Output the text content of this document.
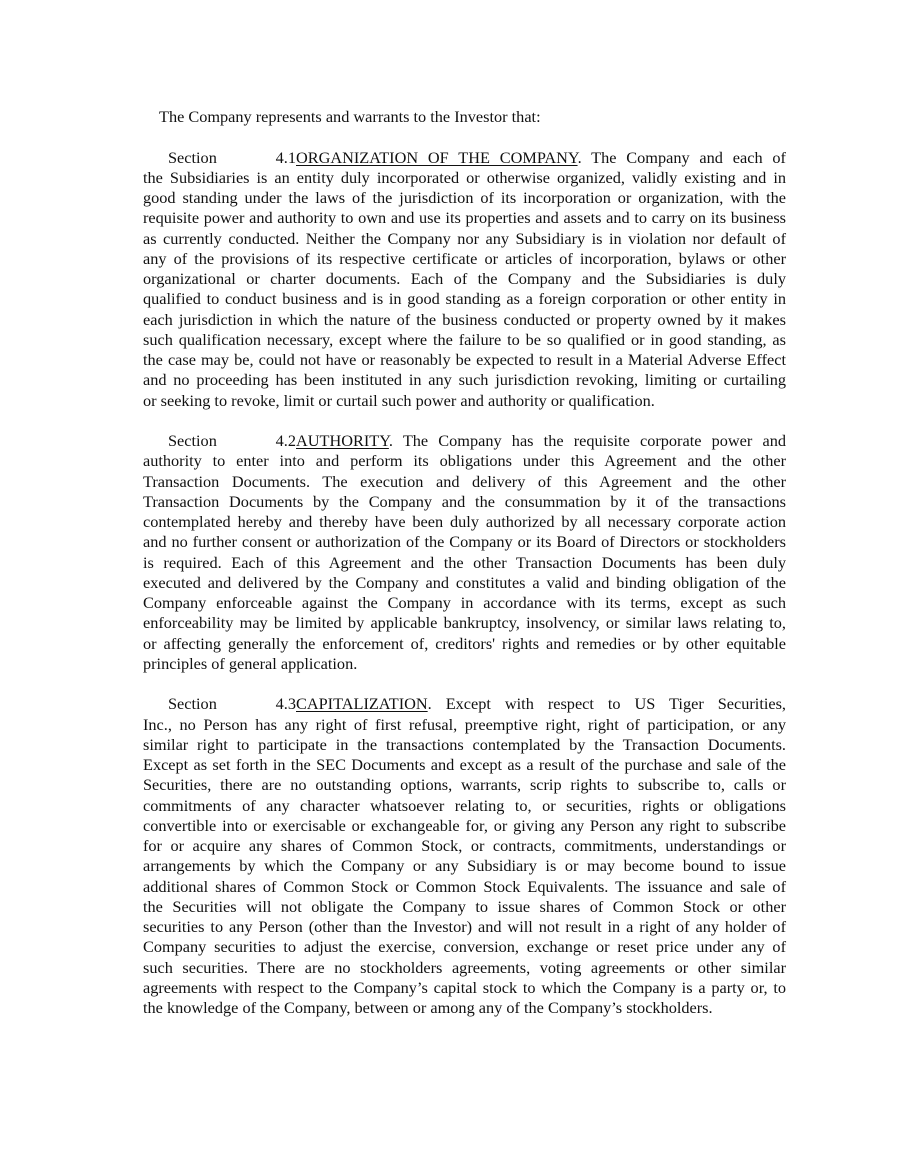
The Company represents and warrants to the Investor that:
Section 4.1ORGANIZATION OF THE COMPANY. The Company and each of
the Subsidiaries is an entity duly incorporated or otherwise organized, validly existing and in
good standing under the laws of the jurisdiction of its incorporation or organization, with the
requisite power and authority to own and use its properties and assets and to carry on its business
as currently conducted. Neither the Company nor any Subsidiary is in violation nor default of
any of the provisions of its respective certificate or articles of incorporation, bylaws or other
organizational or charter documents. Each of the Company and the Subsidiaries is duly
qualified to conduct business and is in good standing as a foreign corporation or other entity in
each jurisdiction in which the nature of the business conducted or property owned by it makes
such qualification necessary, except where the failure to be so qualified or in good standing, as
the case may be, could not have or reasonably be expected to result in a Material Adverse Effect
and no proceeding has been instituted in any such jurisdiction revoking, limiting or curtailing
or seeking to revoke, limit or curtail such power and authority or qualification.
Section 4.2AUTHORITY. The Company has the requisite corporate power and
authority to enter into and perform its obligations under this Agreement and the other
Transaction Documents. The execution and delivery of this Agreement and the other
Transaction Documents by the Company and the consummation by it of the transactions
contemplated hereby and thereby have been duly authorized by all necessary corporate action
and no further consent or authorization of the Company or its Board of Directors or stockholders
is required. Each of this Agreement and the other Transaction Documents has been duly
executed and delivered by the Company and constitutes a valid and binding obligation of the
Company enforceable against the Company in accordance with its terms, except as such
enforceability may be limited by applicable bankruptcy, insolvency, or similar laws relating to,
or affecting generally the enforcement of, creditors' rights and remedies or by other equitable
principles of general application.
Section 4.3CAPITALIZATION. Except with respect to US Tiger Securities,
Inc., no Person has any right of first refusal, preemptive right, right of participation, or any
similar right to participate in the transactions contemplated by the Transaction Documents.
Except as set forth in the SEC Documents and except as a result of the purchase and sale of the
Securities, there are no outstanding options, warrants, scrip rights to subscribe to, calls or
commitments of any character whatsoever relating to, or securities, rights or obligations
convertible into or exercisable or exchangeable for, or giving any Person any right to subscribe
for or acquire any shares of Common Stock, or contracts, commitments, understandings or
arrangements by which the Company or any Subsidiary is or may become bound to issue
additional shares of Common Stock or Common Stock Equivalents. The issuance and sale of
the Securities will not obligate the Company to issue shares of Common Stock or other
securities to any Person (other than the Investor) and will not result in a right of any holder of
Company securities to adjust the exercise, conversion, exchange or reset price under any of
such securities. There are no stockholders agreements, voting agreements or other similar
agreements with respect to the Company’s capital stock to which the Company is a party or, to
the knowledge of the Company, between or among any of the Company’s stockholders.
